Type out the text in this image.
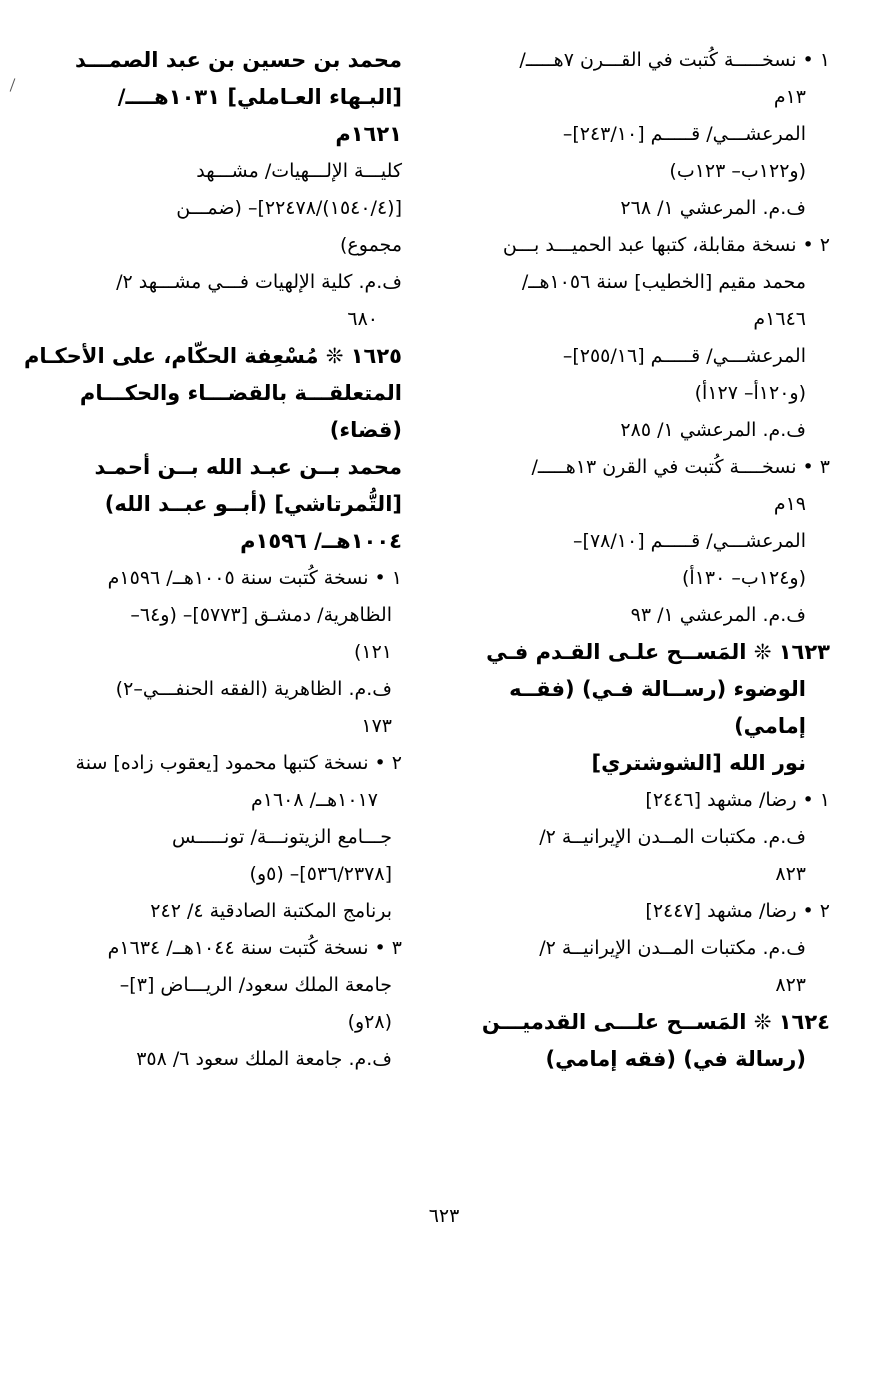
١ • نسخـــــة كُتبت في القـــرن ٧هـــــ/
١٣م
المرعشـــي/ قـــــم [٢٤٣/١٠]–
(و١٢٢ب– ١٢٣ب)
ف.م. المرعشي ١/ ٢٦٨
٢ • نسخة مقابلة، كتبها عبد الحميـــد بـــن
محمد مقيم [الخطيب] سنة ١٠٥٦هــ/
١٦٤٦م
المرعشـــي/ قـــــم [٢٥٥/١٦]–
(و١٢٠أ– ١٢٧أ)
ف.م. المرعشي ١/ ٢٨٥
٣ • نسخــــة كُتبت في القرن ١٣هـــــ/
١٩م
المرعشـــي/ قـــــم [٧٨/١٠]–
(و١٢٤ب– ١٣٠أ)
ف.م. المرعشي ١/ ٩٣
١٦٢٣ ❊ المَســح علـى القـدم فـي
الوضوء (رســالة فـي) (فقــه
إمامي)
نور الله [الشوشتري]
١ • رضا/ مشهد [٢٤٤٦]
ف.م. مكتبات المــدن الإيرانيــة ٢/
٨٢٣
٢ • رضا/ مشهد [٢٤٤٧]
ف.م. مكتبات المــدن الإيرانيــة ٢/
٨٢٣
١٦٢٤ ❊ المَســح علـــى القدميـــن
(رسالة في) (فقه إمامي)
محمد بن حسين بن عبد الصمـــد
[البـهاء العـاملي] ١٠٣١هــــ/
١٦٢١م
كليـــة الإلـــهيات/ مشـــهد
[(١٥٤٠/٤)/٢٢٤٧٨]– (ضمـــن
مجموع)
ف.م. كلية الإلهيات فـــي مشـــهد ٢/
٦٨٠
١٦٢٥ ❊ مُسْعِفة الحكّام، على الأحكـام
المتعلقـــة بالقضـــاء والحكـــام
(قضاء)
محمد بــن عبـد الله بــن أحمـد
[التُّمرتاشي] (أبــو عبــد الله)
١٠٠٤هــ/ ١٥٩٦م
١ • نسخة كُتبت سنة ١٠٠٥هــ/ ١٥٩٦م
الظاهرية/ دمشـق [٥٧٧٣]– (و٦٤–
١٢١)
ف.م. الظاهرية (الفقه الحنفـــي–٢)
١٧٣
٢ • نسخة كتبها محمود [يعقوب زاده] سنة
١٠١٧هــ/ ١٦٠٨م
جـــامع الزيتونـــة/ تونـــــس
[٥٣٦/٢٣٧٨]– (٥و)
برنامج المكتبة الصادقية ٤/ ٢٤٢
٣ • نسخة كُتبت سنة ١٠٤٤هــ/ ١٦٣٤م
جامعة الملك سعود/ الريـــاض [٣]–
(٢٨و)
ف.م. جامعة الملك سعود ٦/ ٣٥٨
٦٢٣
